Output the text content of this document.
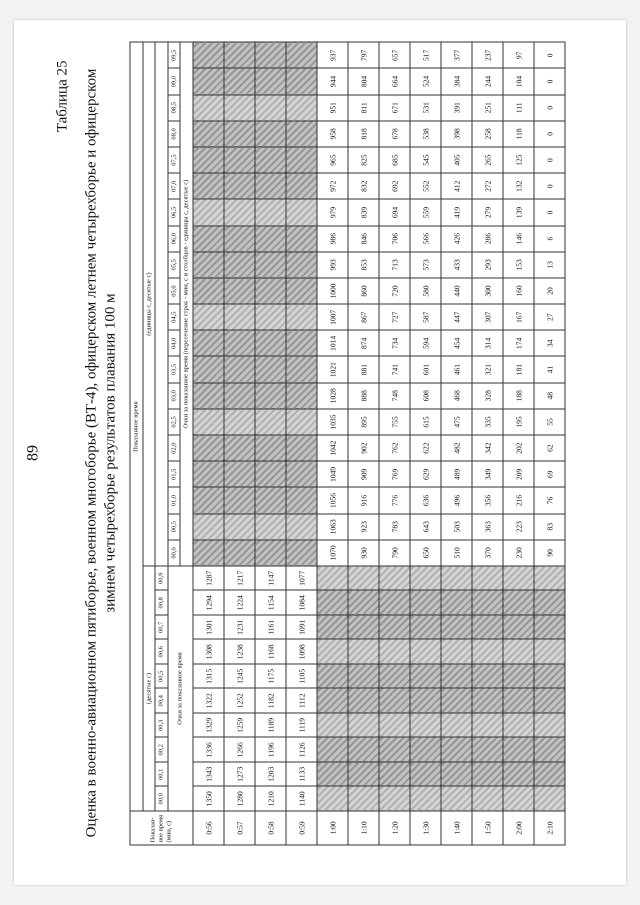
89
Таблица 25 Оценка в военно-авиационном пятиборье, военном многоборье (ВТ-4), офицерском летнем четырехборье и офицерском зимнем четырехборье результатов плавания 100 м
Показан-ное время (мин, с)	Показанное время																													
	(десятые с)										(единицы с, десятые с)																			
	00,0	00,1	00,2	00,3	00,4	00,5	00,6	00,7	00,8	00,9																				
	Очки за показанное время										00,0	00,5	01,0	01,5	02,0	02,5	03,0	03,5	04,0	04,5	05,0	05,5	06,0	06,5	07,0	07,5	08,0	08,5	09,0	09,5
											Очки за показанное время (пересечение строк - мин, с и столбцов - единицы с, десятые с)																			
0:56	1350	1343	1336	1329	1322	1315	1308	1301	1294	1287																				
0:57	1280	1273	1266	1259	1252	1245	1238	1231	1224	1217																				
0:58	1210	1203	1196	1189	1182	1175	1168	1161	1154	1147																				
0:59	1140	1133	1126	1119	1112	1105	1098	1091	1084	1077																				
1:00											1070	1063	1056	1049	1042	1035	1028	1021	1014	1007	1000	993	986	979	972	965	958	951	944	937
1:10											930	923	916	909	902	895	888	881	874	867	860	853	846	839	832	825	818	811	804	797
1:20											790	783	776	769	762	755	748	741	734	727	720	713	706	694	692	685	678	671	664	657
1:30											650	643	636	629	622	615	608	601	594	587	580	573	566	559	552	545	538	531	524	517
1:40											510	503	496	489	482	475	468	461	454	447	440	433	426	419	412	405	398	391	384	377
1:50											370	363	356	349	342	335	328	321	314	307	300	293	286	279	272	265	258	251	244	237
2:00											230	223	216	209	202	195	188	181	174	167	160	153	146	139	132	125	118	111	104	97
2:10											90	83	76	69	62	55	48	41	34	27	20	13	6	0	0	0	0	0	0	0
